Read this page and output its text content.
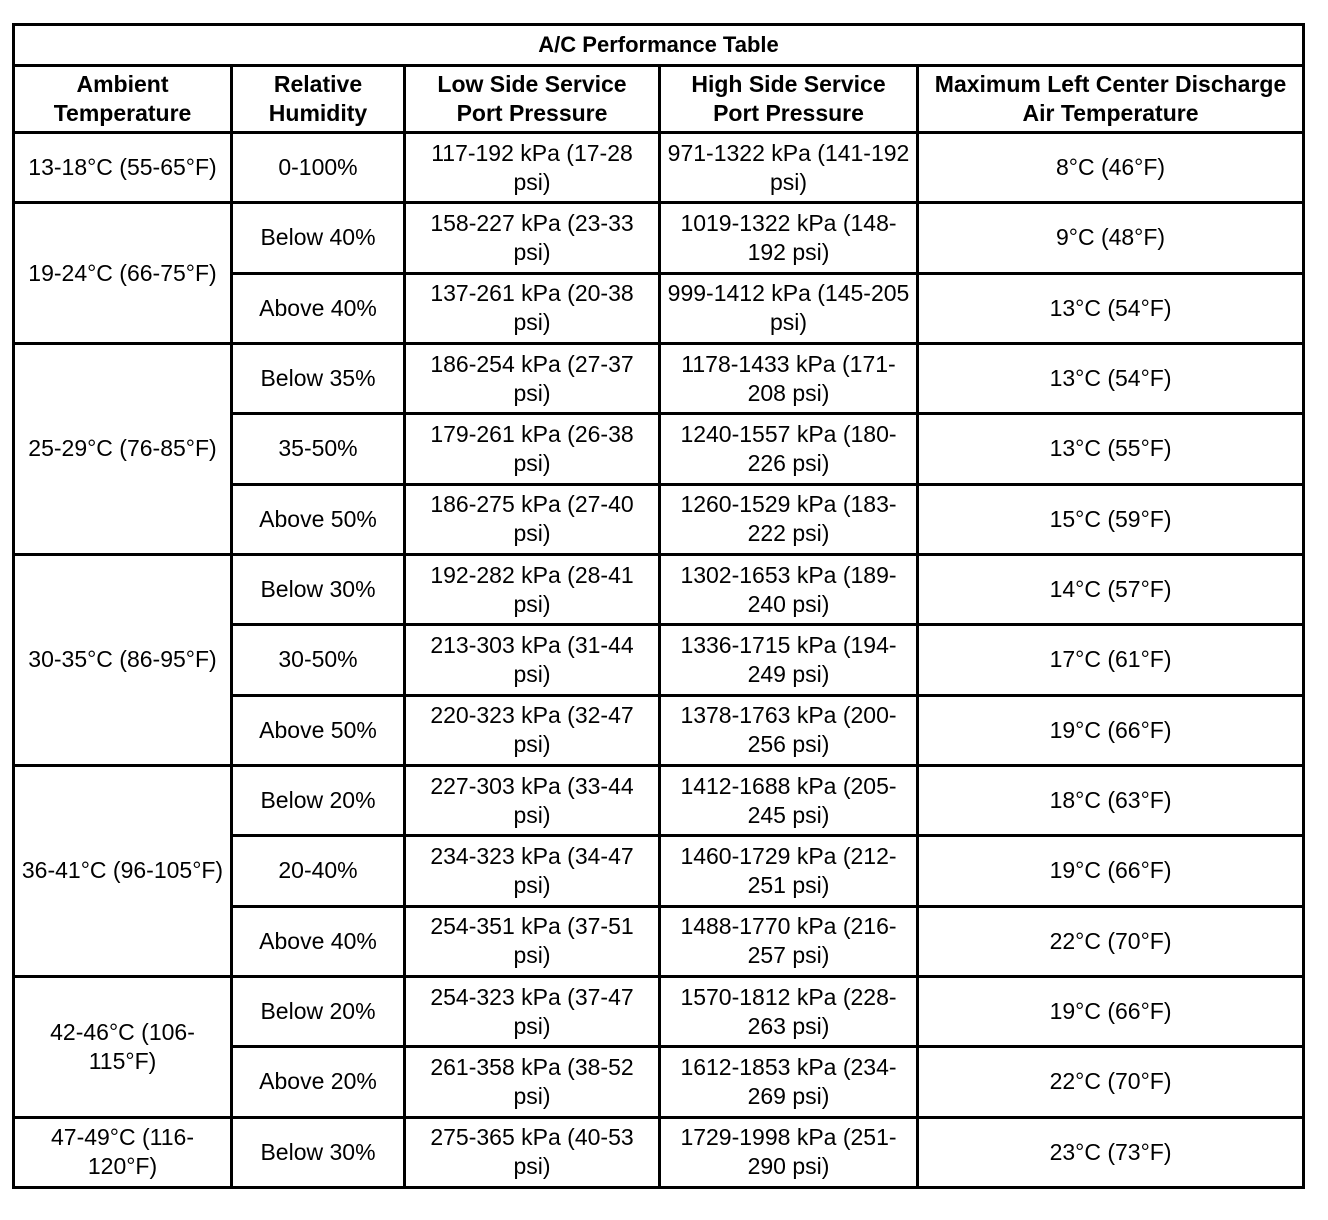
A/C Performance Table				
Ambient Temperature	Relative Humidity	Low Side Service Port Pressure	High Side Service Port Pressure	Maximum Left Center Discharge Air Temperature
13-18°C (55-65°F)	0-100%	117-192 kPa (17-28 psi)	971-1322 kPa (141-192 psi)	8°C (46°F)
19-24°C (66-75°F)	Below 40%	158-227 kPa (23-33 psi)	1019-1322 kPa (148-192 psi)	9°C (48°F)
	Above 40%	137-261 kPa (20-38 psi)	999-1412 kPa (145-205 psi)	13°C (54°F)
25-29°C (76-85°F)	Below 35%	186-254 kPa (27-37 psi)	1178-1433 kPa (171-208 psi)	13°C (54°F)
	35-50%	179-261 kPa (26-38 psi)	1240-1557 kPa (180-226 psi)	13°C (55°F)
	Above 50%	186-275 kPa (27-40 psi)	1260-1529 kPa (183-222 psi)	15°C (59°F)
30-35°C (86-95°F)	Below 30%	192-282 kPa (28-41 psi)	1302-1653 kPa (189-240 psi)	14°C (57°F)
	30-50%	213-303 kPa (31-44 psi)	1336-1715 kPa (194-249 psi)	17°C (61°F)
	Above 50%	220-323 kPa (32-47 psi)	1378-1763 kPa (200-256 psi)	19°C (66°F)
36-41°C (96-105°F)	Below 20%	227-303 kPa (33-44 psi)	1412-1688 kPa (205-245 psi)	18°C (63°F)
	20-40%	234-323 kPa (34-47 psi)	1460-1729 kPa (212-251 psi)	19°C (66°F)
	Above 40%	254-351 kPa (37-51 psi)	1488-1770 kPa (216-257 psi)	22°C (70°F)
42-46°C (106-115°F)	Below 20%	254-323 kPa (37-47 psi)	1570-1812 kPa (228-263 psi)	19°C (66°F)
	Above 20%	261-358 kPa (38-52 psi)	1612-1853 kPa (234-269 psi)	22°C (70°F)
47-49°C (116-120°F)	Below 30%	275-365 kPa (40-53 psi)	1729-1998 kPa (251-290 psi)	23°C (73°F)
